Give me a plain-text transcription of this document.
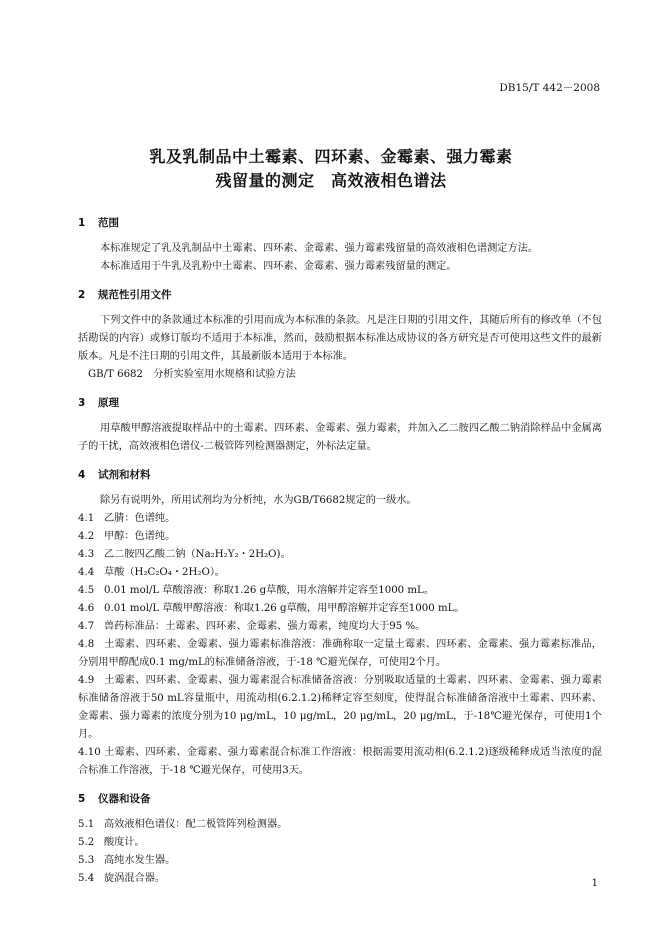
DB15/T 442－2008
乳及乳制品中土霉素、四环素、金霉素、强力霉素
残留量的测定　高效液相色谱法

1 范围

本标准规定了乳及乳制品中土霉素、四环素、金霉素、强力霉素残留量的高效液相色谱测定方法。

本标准适用于牛乳及乳粉中土霉素、四环素、金霉素、强力霉素残留量的测定。

2 规范性引用文件

下列文件中的条款通过本标准的引用而成为本标准的条款。凡是注日期的引用文件，其随后所有的修改单（不包括勘误的内容）或修订版均不适用于本标准，然而，鼓励根据本标准达成协议的各方研究是否可使用这些文件的最新版本。凡是不注日期的引用文件，其最新版本适用于本标准。

GB/T 6682　分析实验室用水规格和试验方法

3 原理

用草酸甲醇溶液提取样品中的土霉素、四环素、金霉素、强力霉素，并加入乙二胺四乙酸二钠消除样品中金属离子的干扰，高效液相色谱仪-二极管阵列检测器测定，外标法定量。

4 试剂和材料

除另有说明外，所用试剂均为分析纯，水为GB/T6682规定的一级水。

4.1 乙腈：色谱纯。

4.2 甲醇：色谱纯。

4.3 乙二胺四乙酸二钠（Na₂H₂Y₂・2H₂O)。

4.4 草酸（H₂C₂O₄・2H₂O）。

4.5 0.01 mol/L 草酸溶液：称取1.26 g草酸，用水溶解并定容至1000 mL。

4.6 0.01 mol/L 草酸甲醇溶液：称取1.26 g草酸，用甲醇溶解并定容至1000 mL。

4.7 兽药标准品：土霉素、四环素、金霉素、强力霉素，纯度均大于95 %。

4.8 土霉素、四环素、金霉素、强力霉素标准溶液：准确称取一定量土霉素、四环素、金霉素、强力霉素标准品，分别用甲醇配成0.1 mg/mL的标准储备溶液，于-18 ℃避光保存，可使用2个月。

4.9 土霉素、四环素、金霉素、强力霉素混合标准储备溶液：分别吸取适量的土霉素、四环素、金霉素、强力霉素标准储备溶液于50 mL容量瓶中，用流动相(6.2.1.2)稀释定容至刻度，使得混合标准储备溶液中土霉素、四环素、金霉素、强力霉素的浓度分别为10 μg/mL，10 μg/mL，20 μg/mL，20 μg/mL，于-18℃避光保存，可使用1个月。

4.10 土霉素、四环素、金霉素、强力霉素混合标准工作溶液：根据需要用流动相(6.2.1.2)逐级稀释成适当浓度的混合标准工作溶液，于-18 ℃避光保存，可使用3天。

5 仪器和设备

5.1 高效液相色谱仪：配二极管阵列检测器。

5.2 酸度计。

5.3 高纯水发生器。

5.4 旋涡混合器。	1
